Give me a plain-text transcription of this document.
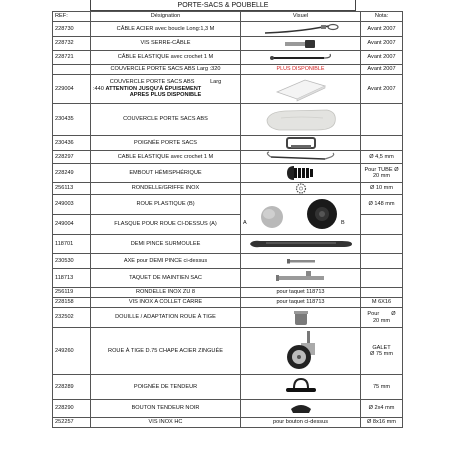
PORTE-SACS & POUBELLE
REF:	Désignation	Visuel	Nota:
228730	CÂBLE ACIER avec boucle Long:1,3 M		Avant 2007
228732	VIS SERRE-CÂBLE		Avant 2007
228721	CÂBLE ELASTIQUE avec crochet 1 M		Avant 2007
	COUVERCLE PORTE SACS ABS Larg :320	PLUS DISPONIBLE	Avant 2007
229004	COUVERCLE PORTE SACS ABS Larg
:440 ATTENTION JUSQU'À ÉPUISEMENT
APRES PLUS DISPONIBLE		Avant 2007
230435	COUVERCLE PORTE SACS ABS	

230436	POIGNÉE PORTE SACS	

228297	CABLE ELASTIQUE avec crochet 1 M		Ø 4,5 mm
228249	EMBOUT HÉMISPHÉRIQUE		Pour TUBE Ø
20 mm

256113	RONDELLE/GRIFFE INOX		Ø 10 mm
249003	ROUE PLASTIQUE (B)	A B	Ø 148 mm
249004	FLASQUE POUR ROUE CI-DESSUS (A)		
118701	DEMI PINCE SURMOULEE	

230530	AXE pour DEMI PINCE ci-dessus	

118713	TAQUET DE MAINTIEN SAC	

256119	RONDELLE INOX ZU 8	pour taquet 118713	
228158	VIS INOX A COLLET CARRE	pour taquet 118713	M 6X16
232502	DOUILLE / ADAPTATION ROUE À TIGE		Pour Ø
20 mm

249260	ROUE À TIGE D.75 CHAPE ACIER ZINGUÉE		GALET
Ø 75 mm

228289	POIGNÉE DE TENDEUR		75 mm
228290	BOUTON TENDEUR NOIR		Ø 2x4 mm
252257	VIS INOX HC	pour bouton ci-dessus	Ø 8x16 mm
